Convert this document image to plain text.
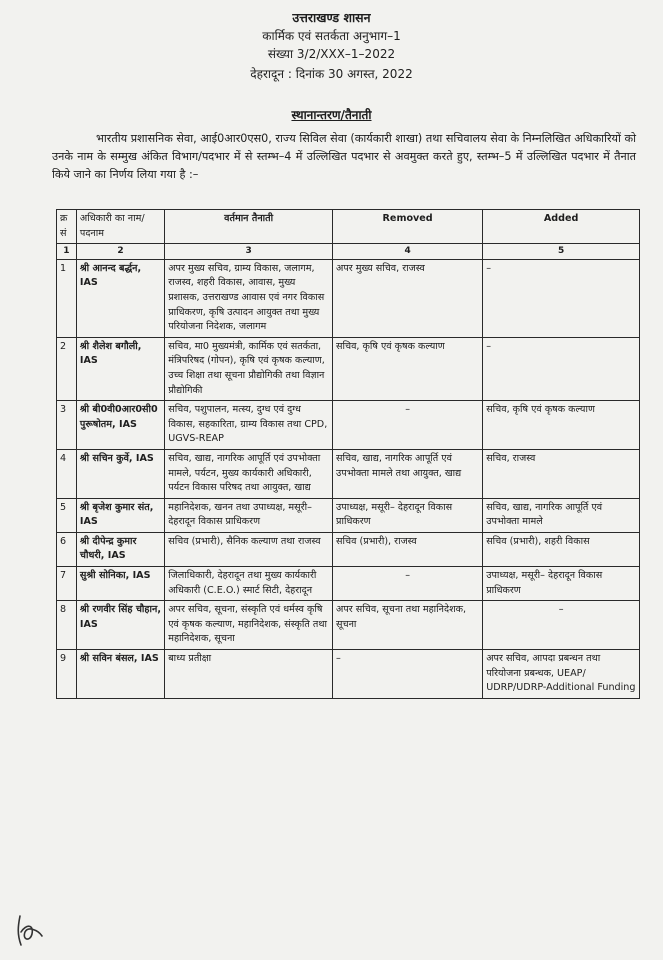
उत्तराखण्ड शासन
कार्मिक एवं सतर्कता अनुभाग–1
संख्या 3/2/XXX–1–2022
देहरादून : दिनांक 30 अगस्त, 2022
स्थानान्तरण/तैनाती
भारतीय प्रशासनिक सेवा, आई0आर0एस0, राज्य सिविल सेवा (कार्यकारी शाखा) तथा सचिवालय सेवा के निम्नलिखित अधिकारियों को उनके नाम के सम्मुख अंकित विभाग/पदभार में से स्तम्भ–4 में उल्लिखित पदभार से अवमुक्त करते हुए, स्तम्भ–5 में उल्लिखित पदभार में तैनात किये जाने का निर्णय लिया गया है :–
क्र सं	अधिकारी का नाम/ पदनाम	वर्तमान तैनाती	Removed	Added
1	2	3	4	5
1	श्री आनन्द बर्द्धन, IAS	अपर मुख्य सचिव, ग्राम्य विकास, जलागम, राजस्व, शहरी विकास, आवास, मुख्य प्रशासक, उत्तराखण्ड आवास एवं नगर विकास प्राधिकरण, कृषि उत्पादन आयुक्त तथा मुख्य परियोजना निदेशक, जलागम	अपर मुख्य सचिव, राजस्व	–
2	श्री शैलेश बगौली, IAS	सचिव, मा0 मुख्यमंत्री, कार्मिक एवं सतर्कता, मंत्रिपरिषद (गोपन), कृषि एवं कृषक कल्याण, उच्च शिक्षा तथा सूचना प्रौद्योगिकी तथा विज्ञान प्रौद्योगिकी	सचिव, कृषि एवं कृषक कल्याण	–
3	श्री बी0वी0आर0सी0 पुरूषोतम, IAS	सचिव, पशुपालन, मत्स्य, दुग्ध एवं दुग्ध विकास, सहकारिता, ग्राम्य विकास तथा CPD, UGVS-REAP	–	सचिव, कृषि एवं कृषक कल्याण
4	श्री सचिन कुर्वे, IAS	सचिव, खाद्य, नागरिक आपूर्ति एवं उपभोक्ता मामले, पर्यटन, मुख्य कार्यकारी अधिकारी, पर्यटन विकास परिषद तथा आयुक्त, खाद्य	सचिव, खाद्य, नागरिक आपूर्ति एवं उपभोक्ता मामले तथा आयुक्त, खाद्य	सचिव, राजस्व
5	श्री बृजेश कुमार संत, IAS	महानिदेशक, खनन तथा उपाध्यक्ष, मसूरी–देहरादून विकास प्राधिकरण	उपाध्यक्ष, मसूरी– देहरादून विकास प्राधिकरण	सचिव, खाद्य, नागरिक आपूर्ति एवं उपभोक्ता मामले
6	श्री दीपेन्द्र कुमार चौधरी, IAS	सचिव (प्रभारी), सैनिक कल्याण तथा राजस्व	सचिव (प्रभारी), राजस्व	सचिव (प्रभारी), शहरी विकास
7	सुश्री सोनिका, IAS	जिलाधिकारी, देहरादून तथा मुख्य कार्यकारी अधिकारी (C.E.O.) स्मार्ट सिटी, देहरादून	–	उपाध्यक्ष, मसूरी– देहरादून विकास प्राधिकरण
8	श्री रणवीर सिंह चौहान, IAS	अपर सचिव, सूचना, संस्कृति एवं धर्मस्व कृषि एवं कृषक कल्याण, महानिदेशक, संस्कृति तथा महानिदेशक, सूचना	अपर सचिव, सूचना तथा महानिदेशक, सूचना	–
9	श्री सविन बंसल, IAS	बाध्य प्रतीक्षा	–	अपर सचिव, आपदा प्रबन्धन तथा परियोजना प्रबन्धक, UEAP/ UDRP/UDRP-Additional Funding
